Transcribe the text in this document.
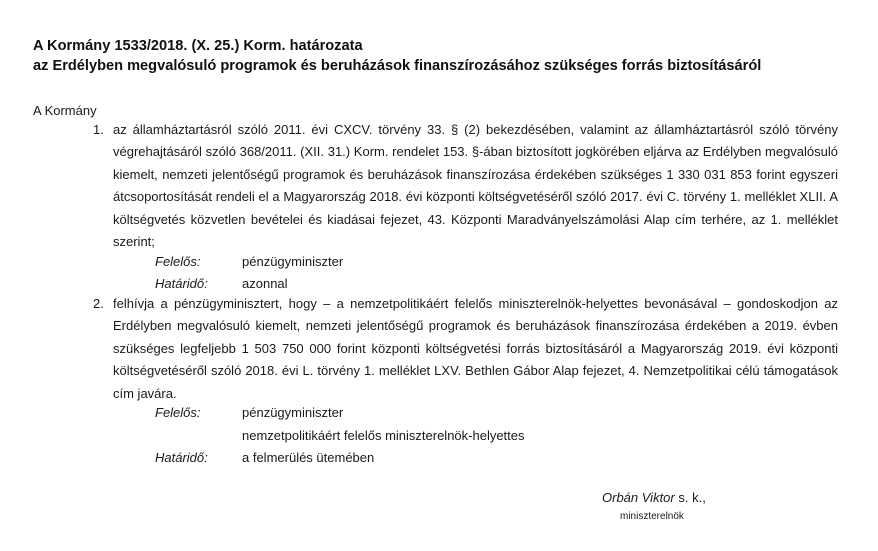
A Kormány 1533/2018. (X. 25.) Korm. határozata
az Erdélyben megvalósuló programok és beruházások finanszírozásához szükséges forrás biztosításáról
A Kormány
1. az államháztartásról szóló 2011. évi CXCV. törvény 33. § (2) bekezdésében, valamint az államháztartásról szóló törvény végrehajtásáról szóló 368/2011. (XII. 31.) Korm. rendelet 153. §-ában biztosított jogkörében eljárva az Erdélyben megvalósuló kiemelt, nemzeti jelentőségű programok és beruházások finanszírozása érdekében szükséges 1 330 031 853 forint egyszeri átcsoportosítását rendeli el a Magyarország 2018. évi központi költségvetéséről szóló 2017. évi C. törvény 1. melléklet XLII. A költségvetés közvetlen bevételei és kiadásai fejezet, 43. Központi Maradványelszámolási Alap cím terhére, az 1. melléklet szerint;
Felelős:	pénzügyminiszter
Határidő:	azonnal
2. felhívja a pénzügyminisztert, hogy – a nemzetpolitikáért felelős miniszterelnök-helyettes bevonásával – gondoskodjon az Erdélyben megvalósuló kiemelt, nemzeti jelentőségű programok és beruházások finanszírozása érdekében a 2019. évben szükséges legfeljebb 1 503 750 000 forint központi költségvetési forrás biztosításáról a Magyarország 2019. évi központi költségvetéséről szóló 2018. évi L. törvény 1. melléklet LXV. Bethlen Gábor Alap fejezet, 4. Nemzetpolitikai célú támogatások cím javára.
Felelős:	pénzügyminiszter
nemzetpolitikáért felelős miniszterelnök-helyettes
Határidő:	a felmerülés ütemében
Orbán Viktor s. k.,
miniszterelnök
